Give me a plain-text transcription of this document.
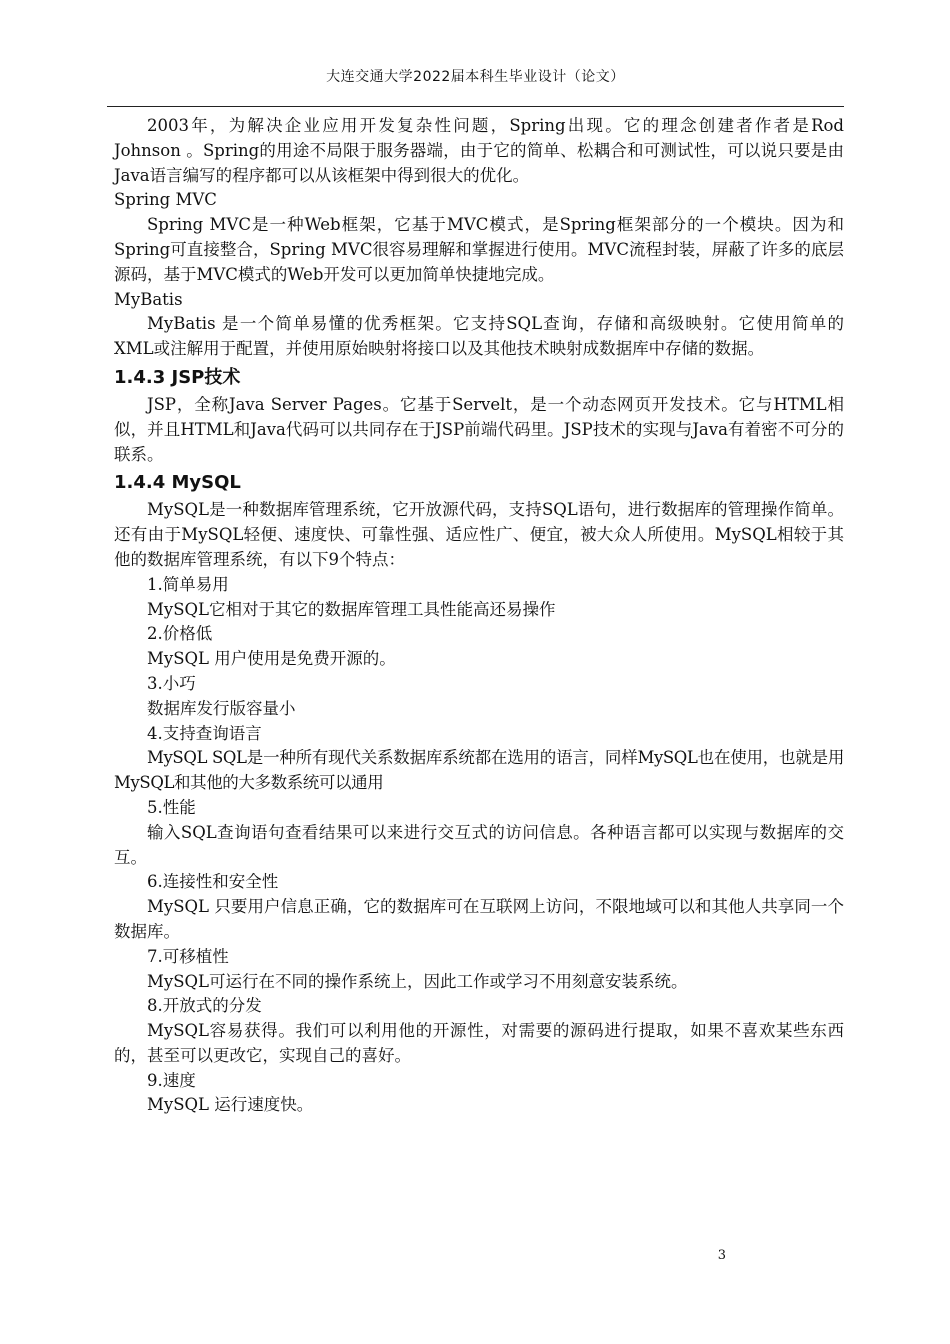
大连交通大学2022届本科生毕业设计（论文）

2003年，为解决企业应用开发复杂性问题，Spring出现。它的理念创建者作者是Rod Johnson 。Spring的用途不局限于服务器端，由于它的简单、松耦合和可测试性，可以说只要是由Java语言编写的程序都可以从该框架中得到很大的优化。

Spring MVC

Spring MVC是一种Web框架，它基于MVC模式，是Spring框架部分的一个模块。因为和Spring可直接整合，Spring MVC很容易理解和掌握进行使用。MVC流程封装，屏蔽了许多的底层源码，基于MVC模式的Web开发可以更加简单快捷地完成。

MyBatis

MyBatis 是一个简单易懂的优秀框架。它支持SQL查询，存储和高级映射。它使用简单的 XML或注解用于配置，并使用原始映射将接口以及其他技术映射成数据库中存储的数据。

1.4.3 JSP技术

JSP，全称Java Server Pages。它基于Servelt，是一个动态网页开发技术。它与HTML相似，并且HTML和Java代码可以共同存在于JSP前端代码里。JSP技术的实现与Java有着密不可分的联系。

1.4.4 MySQL

MySQL是一种数据库管理系统，它开放源代码，支持SQL语句，进行数据库的管理操作简单。还有由于MySQL轻便、速度快、可靠性强、适应性广、便宜，被大众人所使用。MySQL相较于其他的数据库管理系统，有以下9个特点：

1.简单易用

MySQL它相对于其它的数据库管理工具性能高还易操作

2.价格低

MySQL 用户使用是免费开源的。

3.小巧

数据库发行版容量小

4.支持查询语言

MySQL SQL是一种所有现代关系数据库系统都在选用的语言，同样MySQL也在使用，也就是用MySQL和其他的大多数系统可以通用

5.性能

输入SQL查询语句查看结果可以来进行交互式的访问信息。各种语言都可以实现与数据库的交互。

6.连接性和安全性

MySQL 只要用户信息正确，它的数据库可在互联网上访问，不限地域可以和其他人共享同一个数据库。

7.可移植性

MySQL可运行在不同的操作系统上，因此工作或学习不用刻意安装系统。

8.开放式的分发

MySQL容易获得。我们可以利用他的开源性，对需要的源码进行提取，如果不喜欢某些东西的，甚至可以更改它，实现自己的喜好。

9.速度

MySQL 运行速度快。

3
